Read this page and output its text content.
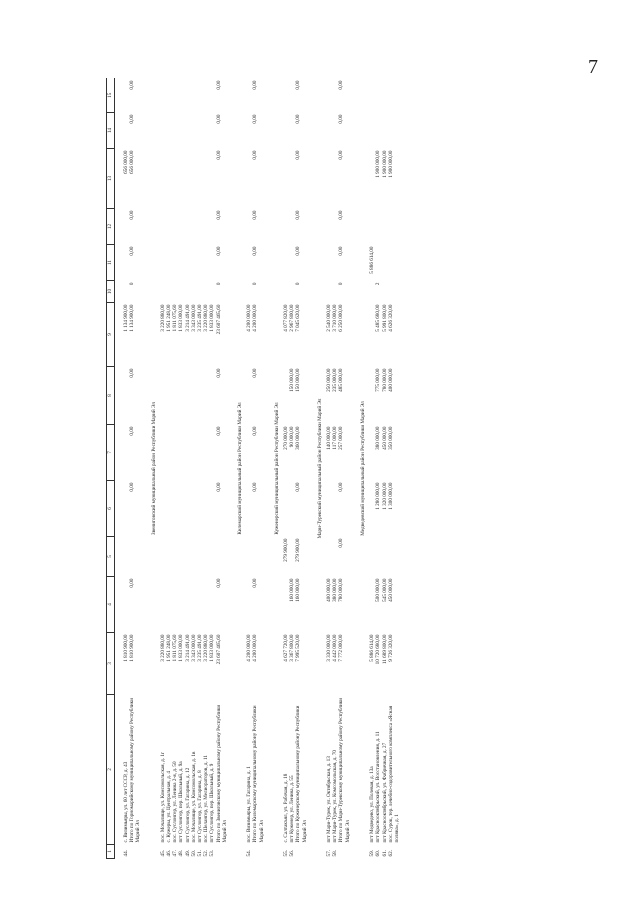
7
1	2	3	4	5	6	7	8	9	10	11	12	13	14	15

44.	с. Визимьяры, ул. 60 лет СССР, д. 43	1 810 900,00						1 134 900,00				656 000,00		
	Итого по Горномарийскому муниципальному району Республики Марий Эл	1 810 900,00	0,00		0,00	0,00	0,00	1 134 900,00	0	0,00	0,00	656 000,00	0,00	0,00
Звениговский муниципальный район Республики Марий Эл														
45.	пос. Мочалище, ул. Комсомольская, д. 1г	3 220 880,00						3 220 880,00						
46.	с. Кужеры, ул. Центральная, д. 4	1 951 248,00						1 951 248,00						
47.	пос. Суслонгер, ул. Ленина 2-я, д. 50	1 811 075,60						1 811 075,60						
48.	пгт Суслонгер, пер. Школьный, д. 9а	1 833 000,00						1 833 000,00						
49.	пгт Суслонгер, ул. Гагарина, д. 12	3 214 491,00						3 214 491,00						
50.	пос. Мочалище, ул. Комсомольская, д. 1в	3 343 000,00						3 343 000,00						
51.	пгт Суслонгер, ул. Гагарина, д. 8	3 235 491,00						3 235 491,00						
52.	пос. Шелангер, ул. Мелиораторов, д. 11	3 220 880,00						3 220 880,00						
53.	пгт Суслонгер, пер. Школьный, д. 9	1 833 000,00						1 833 000,00						
	Итого по Звениговскому муниципальному району Республики Марий Эл	23 607 465,60	0,00		0,00	0,00	0,00	23 607 465,60	0	0,00	0,00	0,00	0,00	0,00
Килемарский муниципальный район Республики Марий Эл														
54.	пос. Визимьяры, ул. Гагарина, д. 1	4 200 000,00						4 200 000,00						
	Итого по Килемарскому муниципальному району Республики Марий Эл	4 200 000,00	0,00		0,00	0,00	0,00	4 200 000,00	0	0,00	0,00	0,00	0,00	0,00
Куженерский муниципальный район Республики Марий Эл														
55.	с. Салтакъял, ул. Рабочая, д. 18	4 627 720,00		279 900,00		270 000,00		4 077 820,00						
56.	пгт Куженер, ул. Ленина, д. 55	3 367 800,00	160 000,00			90 000,00	150 000,00	2 967 800,00						
	Итого по Куженерскому муниципальному району Республики Марий Эл	7 995 520,00	160 000,00	279 900,00	0,00	360 000,00	150 000,00	7 045 620,00	0	0,00	0,00	0,00	0,00	0,00
Мари-Турекский муниципальный район Республики Марий Эл														
57.	пгт Мари-Турек, ул. Октябрьская, д. 13	3 330 000,00	400 000,00			140 000,00	250 000,00	2 540 000,00						
58.	пгт Мари-Турек, ул. Комсомольская, д. 70	4 442 000,00	380 000,00			117 000,00	235 000,00	3 710 000,00						
	Итого по Мари-Турекскому муниципальному району Республики Марий Эл	7 772 000,00	780 000,00	0,00	0,00	257 000,00	485 000,00	6 250 000,00	0	0,00	0,00	0,00	0,00	0,00
Медведевский муниципальный район Республики Марий Эл														
59.	пгт Медведево, ул. Полевая, д. 13а	5 886 614,00								5 886 614,00				
60.	пгт Краснооктябрьский, ул. Восстановления, д. 11	10 720 680,00	500 000,00		1 280 000,00	380 000,00	775 000,00	5 485 680,00	2			1 900 000,00		
61.	пгт Краснооктябрьский, ул. Фабричная, д. 27	11 689 800,00	545 000,00		1 320 000,00	450 000,00	780 000,00	5 991 800,00				1 900 000,00		
62.	пос. Сурок, тер. лечебно-оздоровительного комплекса «Ясная поляна», д. 1	9 726 320,00	450 000,00		1 300 000,00	350 000,00	400 000,00	4 626 320,00				1 900 000,00		
